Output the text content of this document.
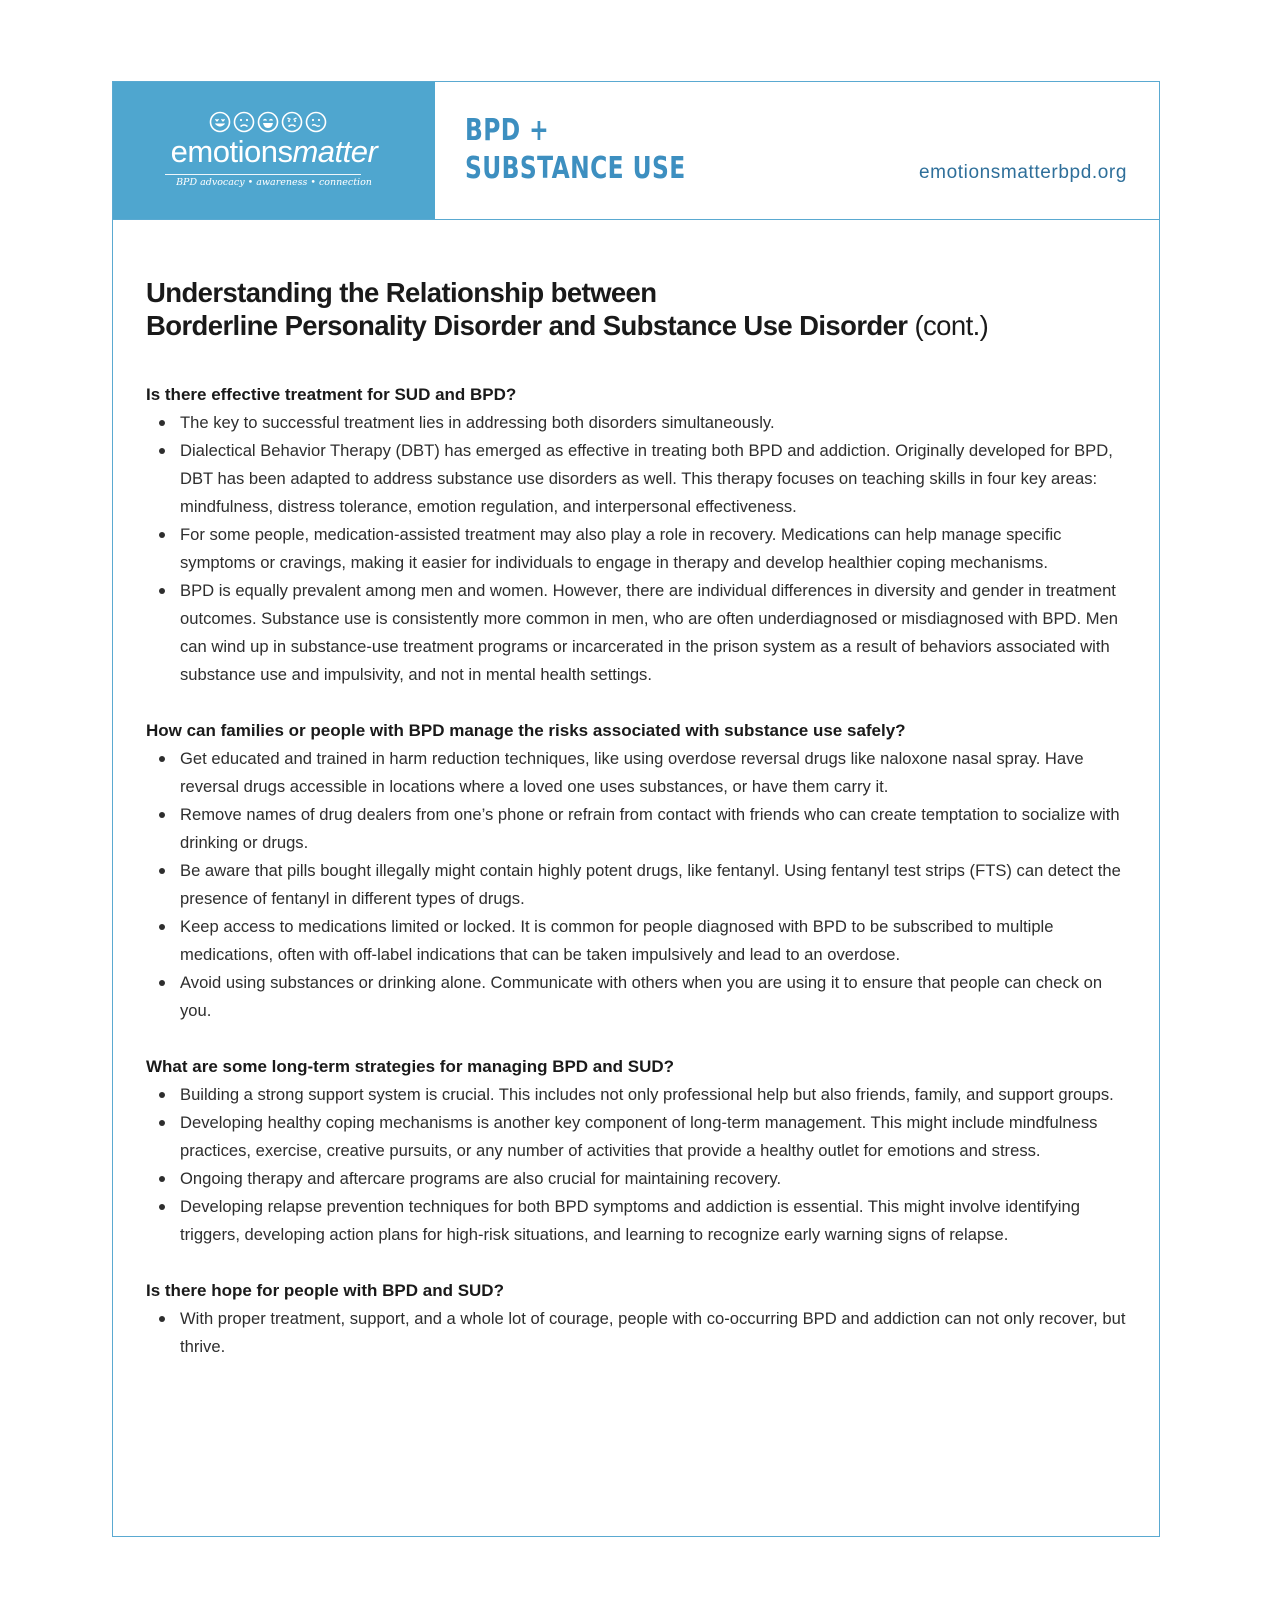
emotionsmatter
BPD advocacy • awareness • connection
BPD +
SUBSTANCE USE	emotionsmatterbpd.org
Understanding the Relationship between
Borderline Personality Disorder and Substance Use Disorder (cont.)
Is there effective treatment for SUD and BPD?
The key to successful treatment lies in addressing both disorders simultaneously.
Dialectical Behavior Therapy (DBT) has emerged as effective in treating both BPD and addiction. Originally developed for BPD, DBT has been adapted to address substance use disorders as well. This therapy focuses on teaching skills in four key areas: mindfulness, distress tolerance, emotion regulation, and interpersonal effectiveness.
For some people, medication-assisted treatment may also play a role in recovery. Medications can help manage specific symptoms or cravings, making it easier for individuals to engage in therapy and develop healthier coping mechanisms.
BPD is equally prevalent among men and women. However, there are individual differences in diversity and gender in treatment outcomes. Substance use is consistently more common in men, who are often underdiagnosed or misdiagnosed with BPD. Men can wind up in substance-use treatment programs or incarcerated in the prison system as a result of behaviors associated with substance use and impulsivity, and not in mental health settings.
How can families or people with BPD manage the risks associated with substance use safely?
Get educated and trained in harm reduction techniques, like using overdose reversal drugs like naloxone nasal spray. Have reversal drugs accessible in locations where a loved one uses substances, or have them carry it.
Remove names of drug dealers from one’s phone or refrain from contact with friends who can create temptation to socialize with drinking or drugs.
Be aware that pills bought illegally might contain highly potent drugs, like fentanyl. Using fentanyl test strips (FTS) can detect the presence of fentanyl in different types of drugs.
Keep access to medications limited or locked. It is common for people diagnosed with BPD to be subscribed to multiple medications, often with off-label indications that can be taken impulsively and lead to an overdose.
Avoid using substances or drinking alone. Communicate with others when you are using it to ensure that people can check on you.
What are some long-term strategies for managing BPD and SUD?
Building a strong support system is crucial. This includes not only professional help but also friends, family, and support groups.
Developing healthy coping mechanisms is another key component of long-term management. This might include mindfulness practices, exercise, creative pursuits, or any number of activities that provide a healthy outlet for emotions and stress.
Ongoing therapy and aftercare programs are also crucial for maintaining recovery.
Developing relapse prevention techniques for both BPD symptoms and addiction is essential. This might involve identifying triggers, developing action plans for high-risk situations, and learning to recognize early warning signs of relapse.
Is there hope for people with BPD and SUD?
With proper treatment, support, and a whole lot of courage, people with co-occurring BPD and addiction can not only recover, but thrive.
